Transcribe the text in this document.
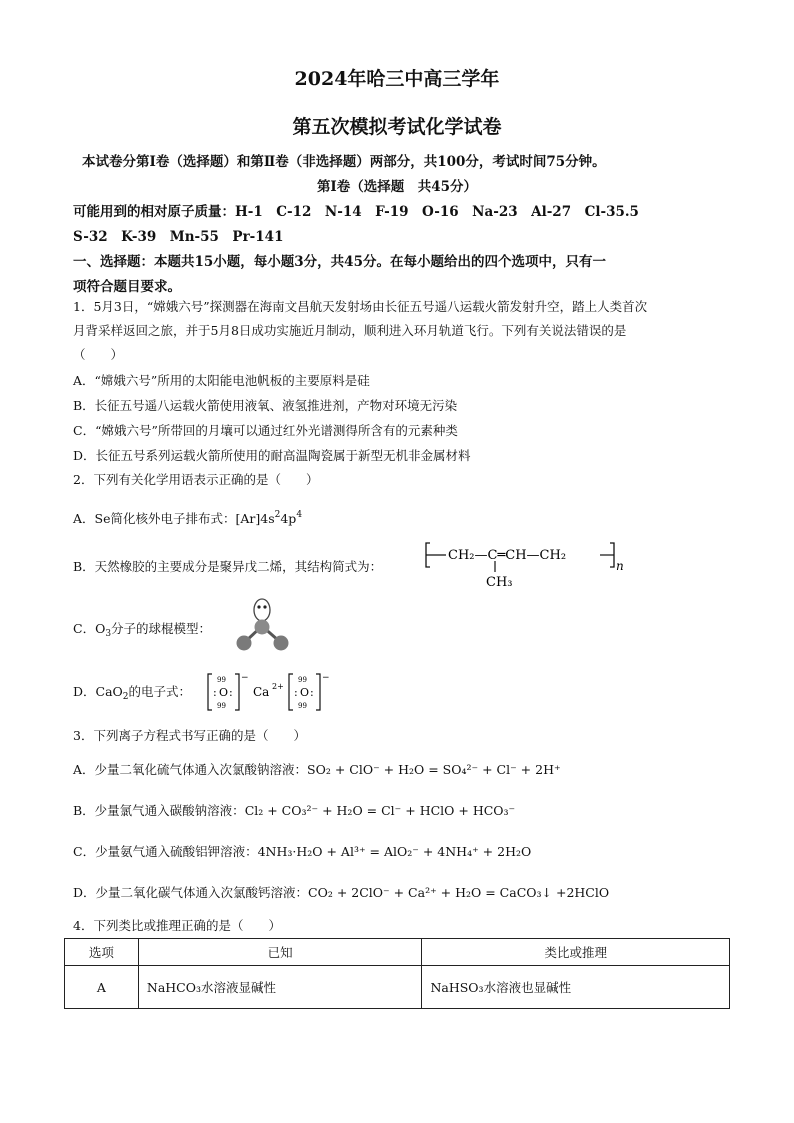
2024年哈三中高三学年
第五次模拟考试化学试卷
本试卷分第Ⅰ卷（选择题）和第Ⅱ卷（非选择题）两部分，共100分，考试时间75分钟。
第Ⅰ卷（选择题　共45分）
可能用到的相对原子质量：H-1　C-12　N-14　F-19　O-16　Na-23　Al-27　Cl-35.5
S-32　K-39　Mn-55　Pr-141
一、选择题：本题共15小题，每小题3分，共45分。在每小题给出的四个选项中，只有一
项符合题目要求。
1．5月3日，“嫦娥六号”探测器在海南文昌航天发射场由长征五号遥八运载火箭发射升空，踏上人类首次
月背采样返回之旅，并于5月8日成功实施近月制动，顺利进入环月轨道飞行。下列有关说法错误的是
（　　）
A．“嫦娥六号”所用的太阳能电池帆板的主要原料是硅
B．长征五号遥八运载火箭使用液氧、液氢推进剂，产物对环境无污染
C．“嫦娥六号”所带回的月壤可以通过红外光谱测得所含有的元素种类
D．长征五号系列运载火箭所使用的耐高温陶瓷属于新型无机非金属材料
2．下列有关化学用语表示正确的是（　　）
A．Se简化核外电子排布式：$[Ar]4s^24p^4$
B．天然橡胶的主要成分是聚异戊二烯，其结构简式为：
CH₂—C═CH—CH₂
n
CH₃
C．$O_3$分子的球棍模型：
D．CaO$_2$的电子式：
99
: O :
99
−
Ca 2+
99
: O :
99
−
3．下列离子方程式书写正确的是（　　）
A．少量二氧化硫气体通入次氯酸钠溶液：SO₂ + ClO⁻ + H₂O = SO₄²⁻ + Cl⁻ + 2H⁺
B．少量氯气通入碳酸钠溶液：Cl₂ + CO₃²⁻ + H₂O = Cl⁻ + HClO + HCO₃⁻
C．少量氨气通入硫酸铝钾溶液：4NH₃·H₂O + Al³⁺ = AlO₂⁻ + 4NH₄⁺ + 2H₂O
D．少量二氧化碳气体通入次氯酸钙溶液：CO₂ + 2ClO⁻ + Ca²⁺ + H₂O = CaCO₃↓ +2HClO
4．下列类比或推理正确的是（　　）
选项	已知	类比或推理
A	NaHCO₃水溶液显碱性	NaHSO₃水溶液也显碱性
